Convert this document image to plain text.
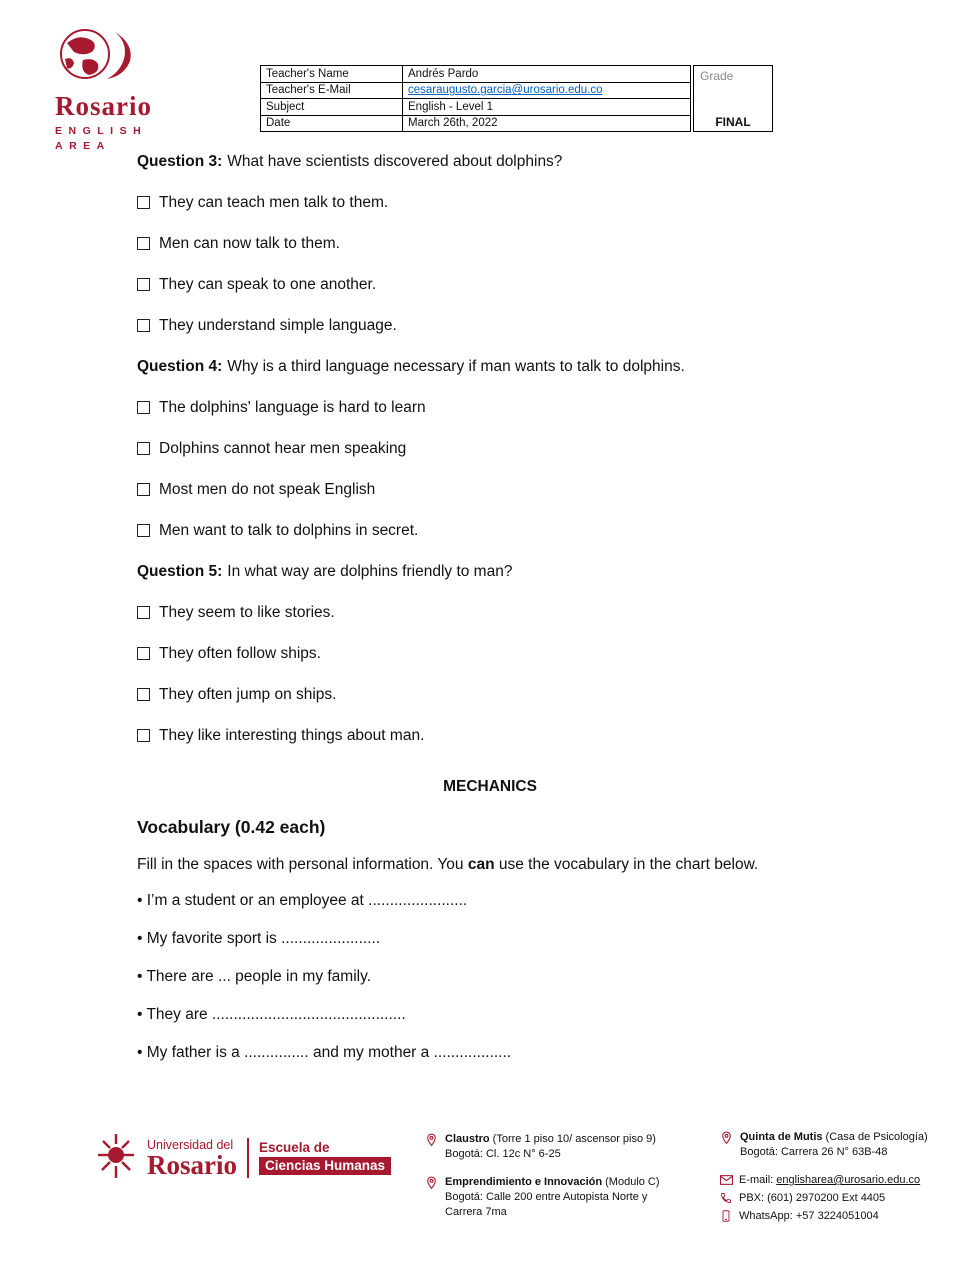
Rosario
ENGLISH
AREA
Teacher's Name	Andrés Pardo
Teacher's E-Mail	cesaraugusto.garcia@urosario.edu.co
Subject	English - Level 1
Date	March 26th, 2022
Grade
FINAL

Question 3: What have scientists discovered about dolphins?

They can teach men talk to them.

Men can now talk to them.

They can speak to one another.

They understand simple language.

Question 4: Why is a third language necessary if man wants to talk to dolphins.

The dolphins' language is hard to learn

Dolphins cannot hear men speaking

Most men do not speak English

Men want to talk to dolphins in secret.

Question 5: In what way are dolphins friendly to man?

They seem to like stories.

They often follow ships.

They often jump on ships.

They like interesting things about man.

MECHANICS

Vocabulary (0.42 each)

Fill in the spaces with personal information. You can use the vocabulary in the chart below.

• I’m a student or an employee at .......................

• My favorite sport is .......................

• There are ... people in my family.

• They are .............................................

• My father is a ............... and my mother a ..................

Universidad del
Rosario
Escuela de
Ciencias Humanas
Claustro (Torre 1 piso 10/ ascensor piso 9)
Bogotá: Cl. 12c N° 6-25
Emprendimiento e Innovación (Modulo C)
Bogotá: Calle 200 entre Autopista Norte y Carrera 7ma
Quinta de Mutis (Casa de Psicología)
Bogotá: Carrera 26 N° 63B-48
E-mail: englisharea@urosario.edu.co
PBX: (601) 2970200 Ext 4405
WhatsApp: +57 3224051004
